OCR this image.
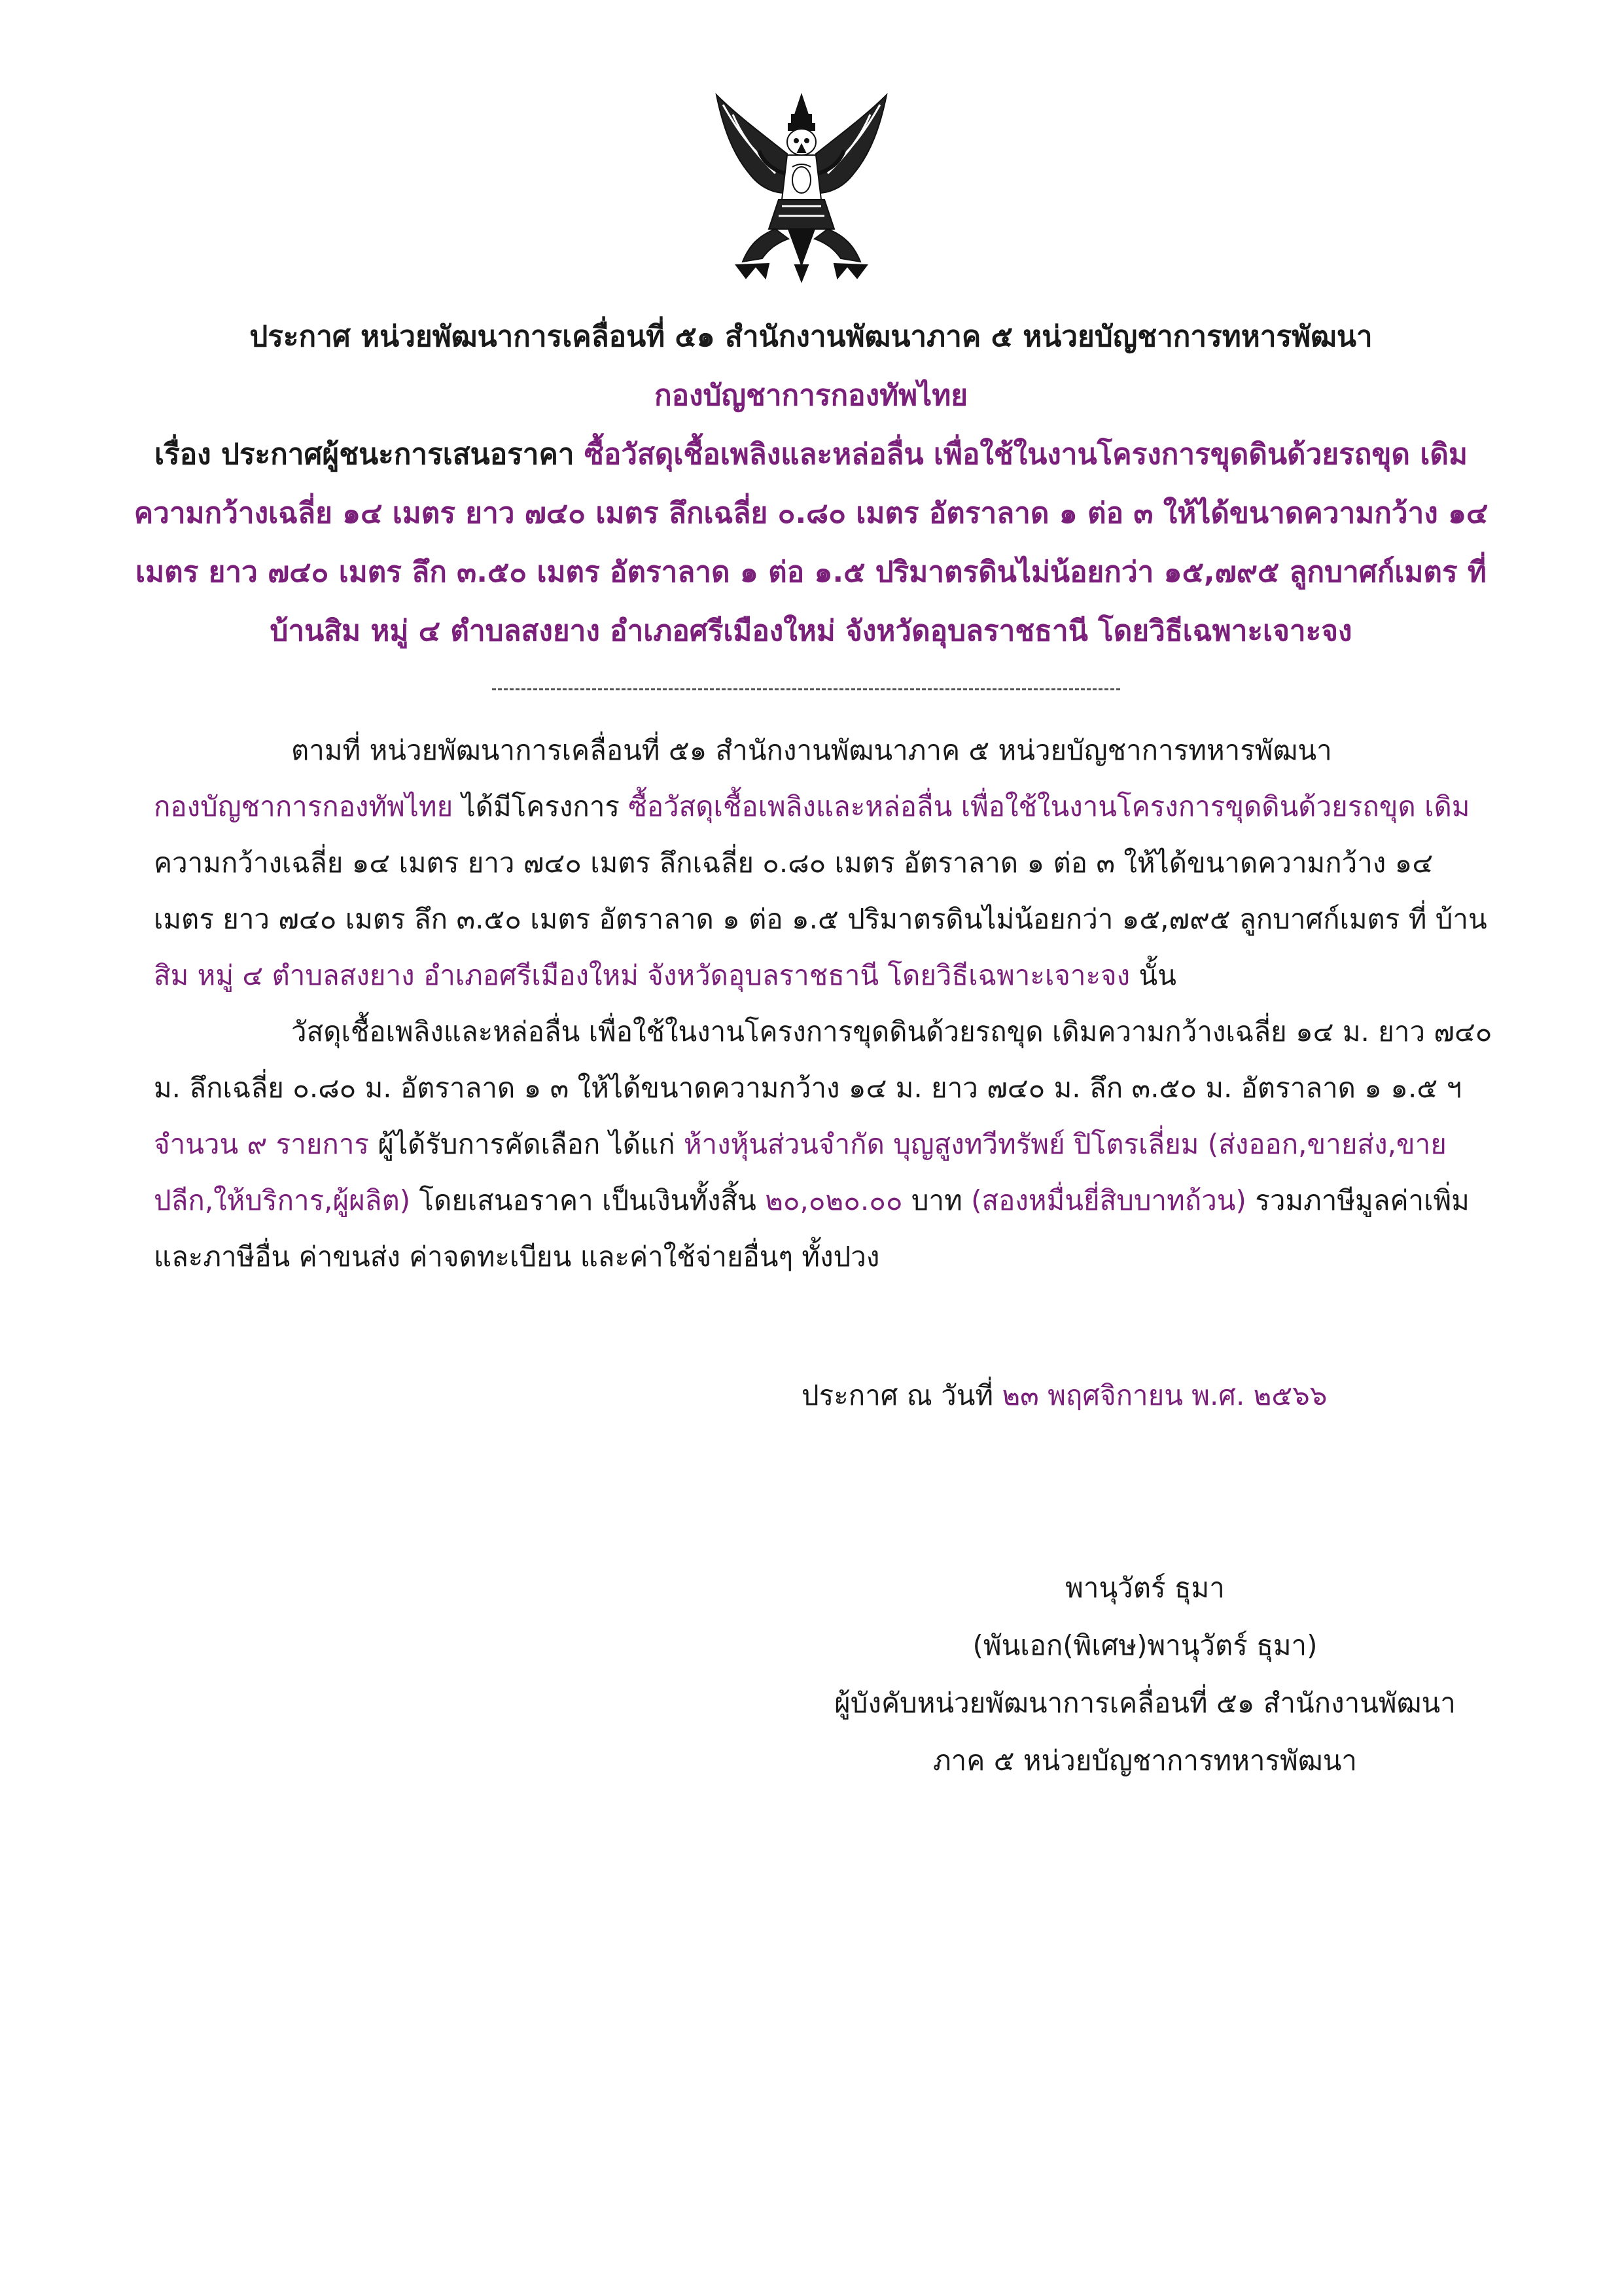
ประกาศ หน่วยพัฒนาการเคลื่อนที่ ๕๑ สำนักงานพัฒนาภาค ๕ หน่วยบัญชาการทหารพัฒนา
กองบัญชาการกองทัพไทย
เรื่อง ประกาศผู้ชนะการเสนอราคา ซื้อวัสดุเชื้อเพลิงและหล่อลื่น เพื่อใช้ในงานโครงการขุดดินด้วยรถขุด เดิม
ความกว้างเฉลี่ย ๑๔ เมตร ยาว ๗๔๐ เมตร ลึกเฉลี่ย ๐.๘๐ เมตร อัตราลาด ๑ ต่อ ๓ ให้ได้ขนาดความกว้าง ๑๔
เมตร ยาว ๗๔๐ เมตร ลึก ๓.๕๐ เมตร อัตราลาด ๑ ต่อ ๑.๕ ปริมาตรดินไม่น้อยกว่า ๑๕,๗๙๕ ลูกบาศก์เมตร ที่
บ้านสิม หมู่ ๔ ตำบลสงยาง อำเภอศรีเมืองใหม่ จังหวัดอุบลราชธานี โดยวิธีเฉพาะเจาะจง
ตามที่ หน่วยพัฒนาการเคลื่อนที่ ๕๑ สำนักงานพัฒนาภาค ๕ หน่วยบัญชาการทหารพัฒนา
กองบัญชาการกองทัพไทย ได้มีโครงการ ซื้อวัสดุเชื้อเพลิงและหล่อลื่น เพื่อใช้ในงานโครงการขุดดินด้วยรถขุด เดิม
ความกว้างเฉลี่ย ๑๔ เมตร ยาว ๗๔๐ เมตร ลึกเฉลี่ย ๐.๘๐ เมตร อัตราลาด ๑ ต่อ ๓ ให้ได้ขนาดความกว้าง ๑๔
เมตร ยาว ๗๔๐ เมตร ลึก ๓.๕๐ เมตร อัตราลาด ๑ ต่อ ๑.๕ ปริมาตรดินไม่น้อยกว่า ๑๕,๗๙๕ ลูกบาศก์เมตร ที่ บ้าน
สิม หมู่ ๔ ตำบลสงยาง อำเภอศรีเมืองใหม่ จังหวัดอุบลราชธานี โดยวิธีเฉพาะเจาะจง นั้น
วัสดุเชื้อเพลิงและหล่อลื่น เพื่อใช้ในงานโครงการขุดดินด้วยรถขุด เดิมความกว้างเฉลี่ย ๑๔ ม. ยาว ๗๔๐
ม. ลึกเฉลี่ย ๐.๘๐ ม. อัตราลาด ๑ ๓ ให้ได้ขนาดความกว้าง ๑๔ ม. ยาว ๗๔๐ ม. ลึก ๓.๕๐ ม. อัตราลาด ๑ ๑.๕ ฯ
จำนวน ๙ รายการ ผู้ได้รับการคัดเลือก ได้แก่ ห้างหุ้นส่วนจำกัด บุญสูงทวีทรัพย์ ปิโตรเลี่ยม (ส่งออก,ขายส่ง,ขาย
ปลีก,ให้บริการ,ผู้ผลิต) โดยเสนอราคา เป็นเงินทั้งสิ้น ๒๐,๐๒๐.๐๐ บาท (สองหมื่นยี่สิบบาทถ้วน) รวมภาษีมูลค่าเพิ่ม
และภาษีอื่น ค่าขนส่ง ค่าจดทะเบียน และค่าใช้จ่ายอื่นๆ ทั้งปวง
ประกาศ ณ วันที่ ๒๓ พฤศจิกายน พ.ศ. ๒๕๖๖
พานุวัตร์ ธุมา
(พันเอก(พิเศษ)พานุวัตร์ ธุมา)
ผู้บังคับหน่วยพัฒนาการเคลื่อนที่ ๕๑ สำนักงานพัฒนา
ภาค ๕ หน่วยบัญชาการทหารพัฒนา
